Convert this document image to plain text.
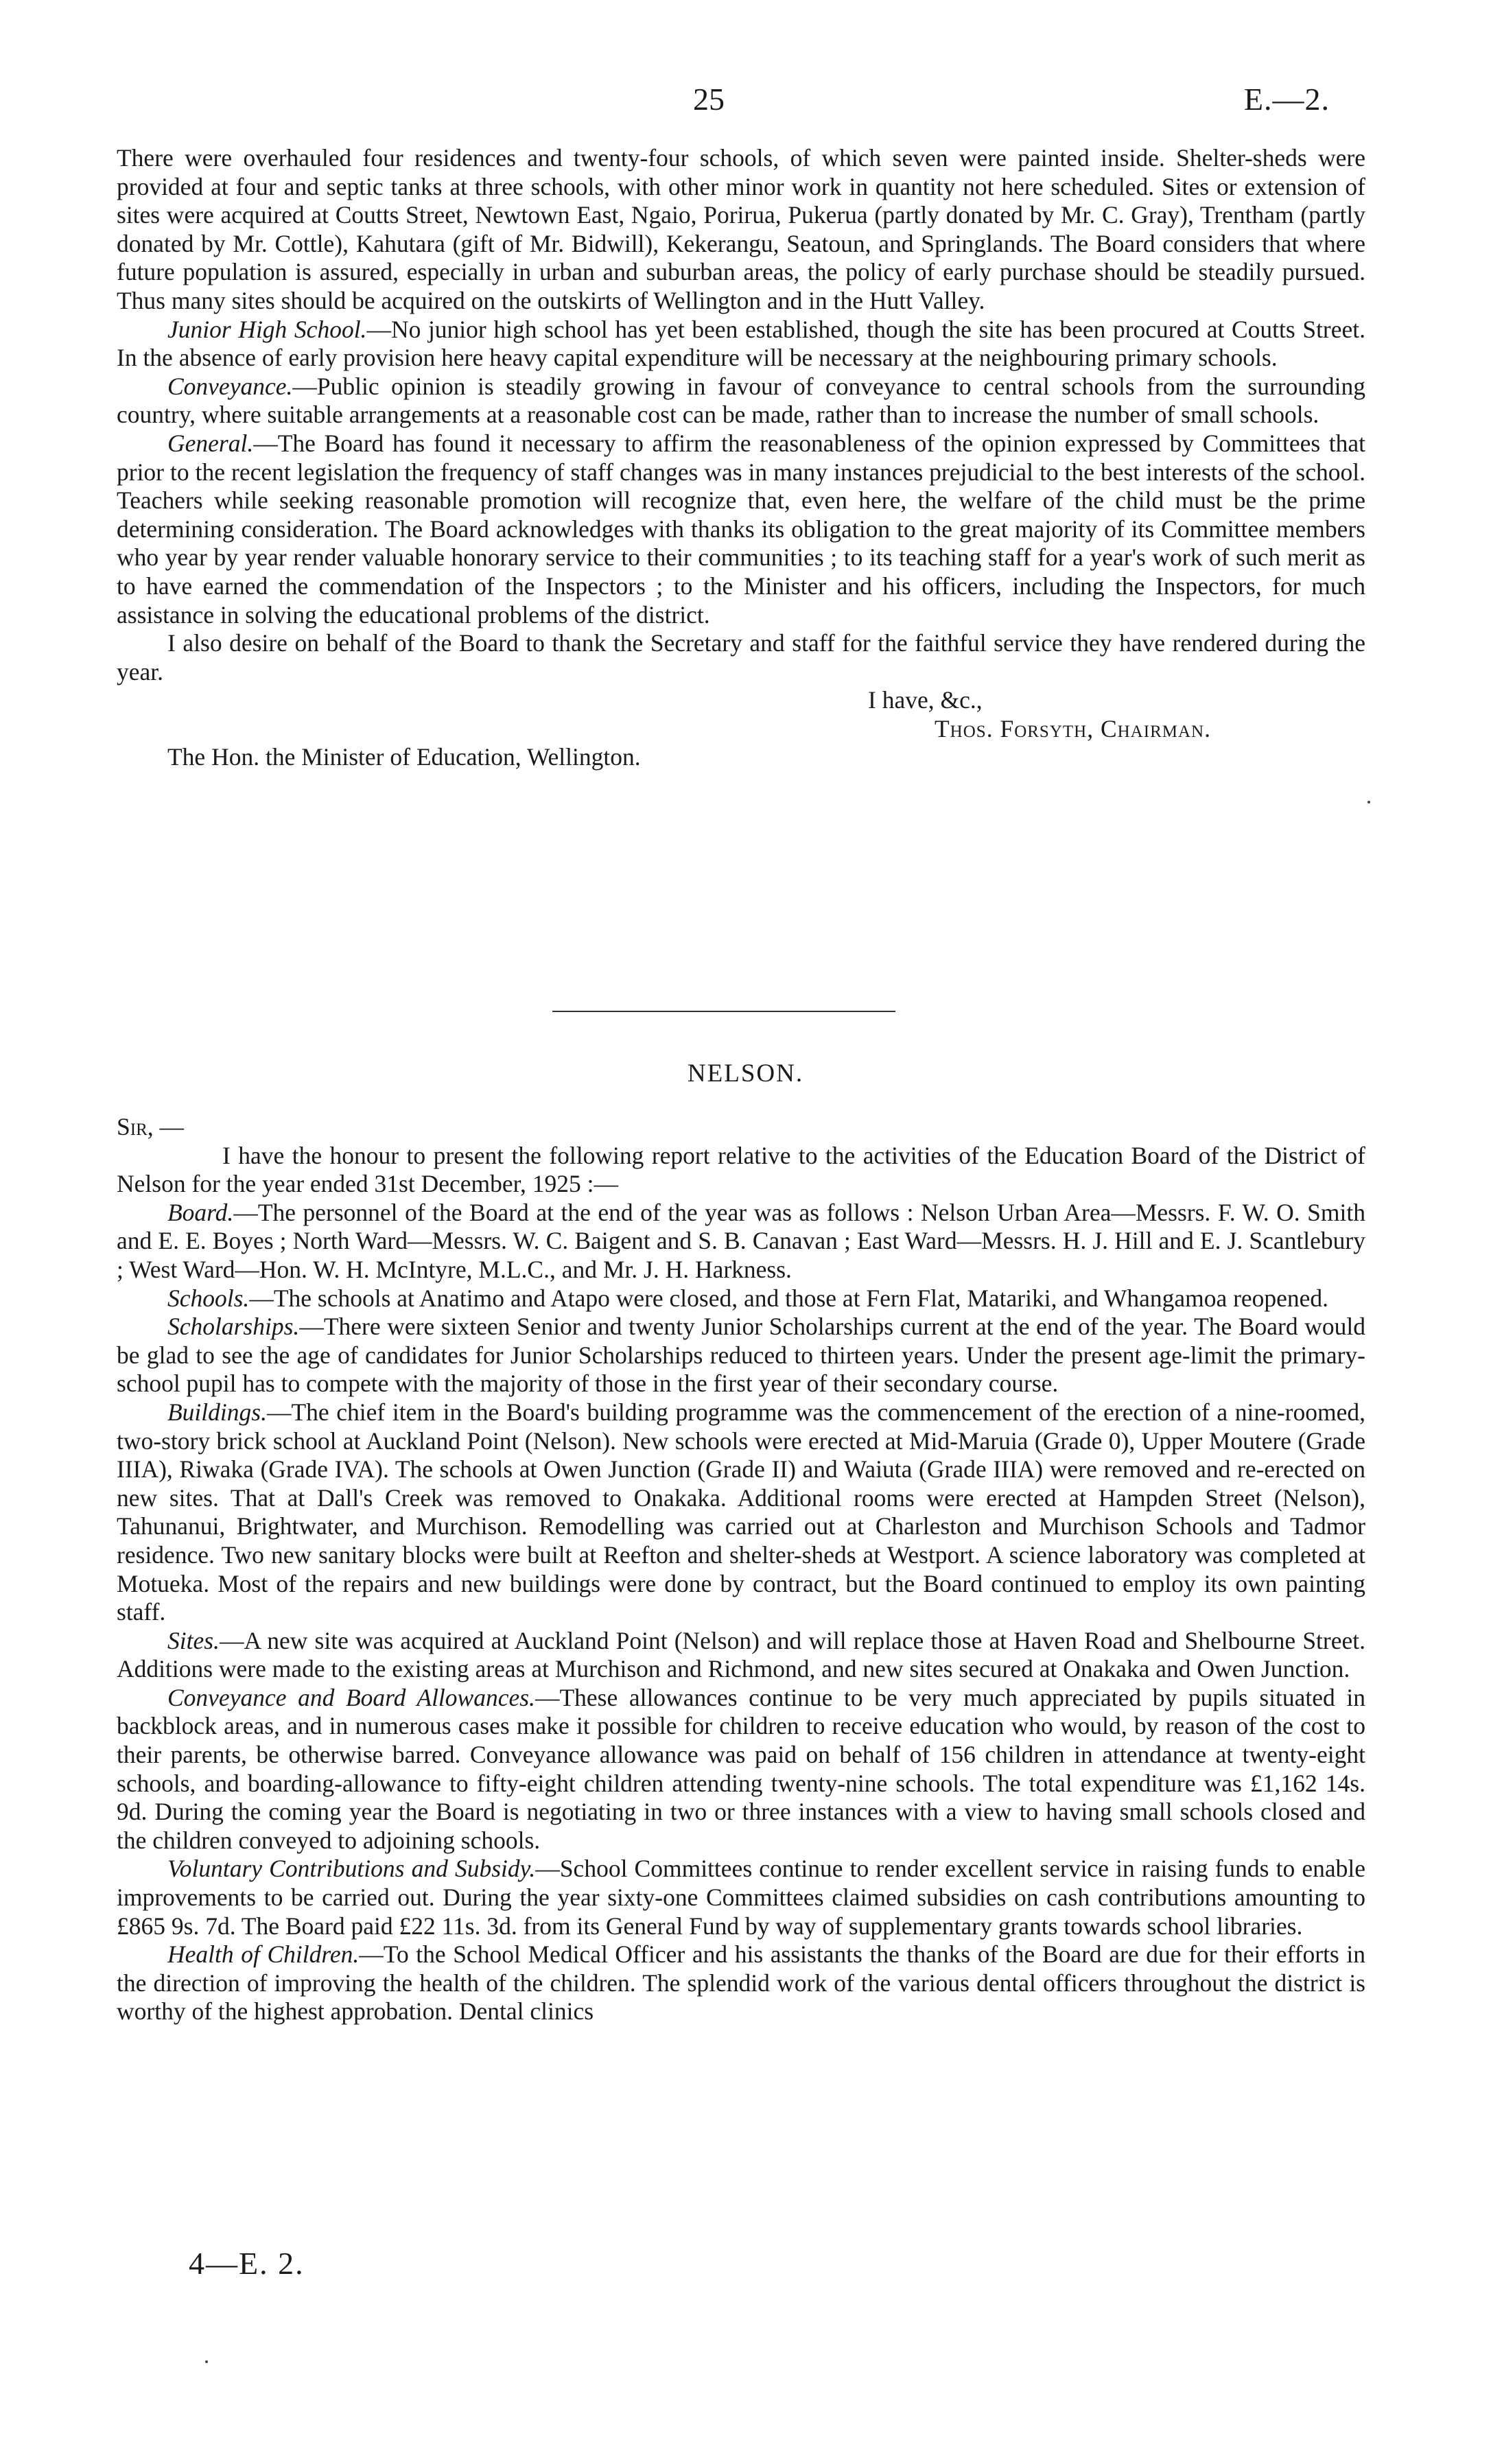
25	E.—2.

There were overhauled four residences and twenty-four schools, of which seven were painted inside. Shelter-sheds were provided at four and septic tanks at three schools, with other minor work in quantity not here scheduled. Sites or extension of sites were acquired at Coutts Street, Newtown East, Ngaio, Porirua, Pukerua (partly donated by Mr. C. Gray), Trentham (partly donated by Mr. Cottle), Kahutara (gift of Mr. Bidwill), Kekerangu, Seatoun, and Springlands. The Board considers that where future population is assured, especially in urban and suburban areas, the policy of early purchase should be steadily pursued. Thus many sites should be acquired on the outskirts of Wellington and in the Hutt Valley.

Junior High School.—No junior high school has yet been established, though the site has been procured at Coutts Street. In the absence of early provision here heavy capital expenditure will be necessary at the neighbouring primary schools.

Conveyance.—Public opinion is steadily growing in favour of conveyance to central schools from the surrounding country, where suitable arrangements at a reasonable cost can be made, rather than to increase the number of small schools.

General.—The Board has found it necessary to affirm the reasonableness of the opinion expressed by Committees that prior to the recent legislation the frequency of staff changes was in many instances prejudicial to the best interests of the school. Teachers while seeking reasonable promotion will recognize that, even here, the welfare of the child must be the prime determining consideration. The Board acknowledges with thanks its obligation to the great majority of its Committee members who year by year render valuable honorary service to their communities ; to its teaching staff for a year's work of such merit as to have earned the commendation of the Inspectors ; to the Minister and his officers, including the Inspectors, for much assistance in solving the educational problems of the district.

I also desire on behalf of the Board to thank the Secretary and staff for the faithful service they have rendered during the year.

I have, &c.,

Thos. Forsyth, Chairman.

The Hon. the Minister of Education, Wellington.

NELSON.

Sir, —

I have the honour to present the following report relative to the activities of the Education Board of the District of Nelson for the year ended 31st December, 1925 :—

Board.—The personnel of the Board at the end of the year was as follows : Nelson Urban Area—Messrs. F. W. O. Smith and E. E. Boyes ; North Ward—Messrs. W. C. Baigent and S. B. Canavan ; East Ward—Messrs. H. J. Hill and E. J. Scantlebury ; West Ward—Hon. W. H. McIntyre, M.L.C., and Mr. J. H. Harkness.

Schools.—The schools at Anatimo and Atapo were closed, and those at Fern Flat, Matariki, and Whangamoa reopened.

Scholarships.—There were sixteen Senior and twenty Junior Scholarships current at the end of the year. The Board would be glad to see the age of candidates for Junior Scholarships reduced to thirteen years. Under the present age-limit the primary-school pupil has to compete with the majority of those in the first year of their secondary course.

Buildings.—The chief item in the Board's building programme was the commencement of the erection of a nine-roomed, two-story brick school at Auckland Point (Nelson). New schools were erected at Mid-Maruia (Grade 0), Upper Moutere (Grade IIIA), Riwaka (Grade IVA). The schools at Owen Junction (Grade II) and Waiuta (Grade IIIA) were removed and re-erected on new sites. That at Dall's Creek was removed to Onakaka. Additional rooms were erected at Hampden Street (Nelson), Tahunanui, Brightwater, and Murchison. Remodelling was carried out at Charleston and Murchison Schools and Tadmor residence. Two new sanitary blocks were built at Reefton and shelter-sheds at Westport. A science laboratory was completed at Motueka. Most of the repairs and new buildings were done by contract, but the Board continued to employ its own painting staff.

Sites.—A new site was acquired at Auckland Point (Nelson) and will replace those at Haven Road and Shelbourne Street. Additions were made to the existing areas at Murchison and Richmond, and new sites secured at Onakaka and Owen Junction.

Conveyance and Board Allowances.—These allowances continue to be very much appreciated by pupils situated in backblock areas, and in numerous cases make it possible for children to receive education who would, by reason of the cost to their parents, be otherwise barred. Conveyance allowance was paid on behalf of 156 children in attendance at twenty-eight schools, and boarding-allowance to fifty-eight children attending twenty-nine schools. The total expenditure was £1,162 14s. 9d. During the coming year the Board is negotiating in two or three instances with a view to having small schools closed and the children conveyed to adjoining schools.

Voluntary Contributions and Subsidy.—School Committees continue to render excellent service in raising funds to enable improvements to be carried out. During the year sixty-one Committees claimed subsidies on cash contributions amounting to £865 9s. 7d. The Board paid £22 11s. 3d. from its General Fund by way of supplementary grants towards school libraries.

Health of Children.—To the School Medical Officer and his assistants the thanks of the Board are due for their efforts in the direction of improving the health of the children. The splendid work of the various dental officers throughout the district is worthy of the highest approbation. Dental clinics

4—E. 2.
